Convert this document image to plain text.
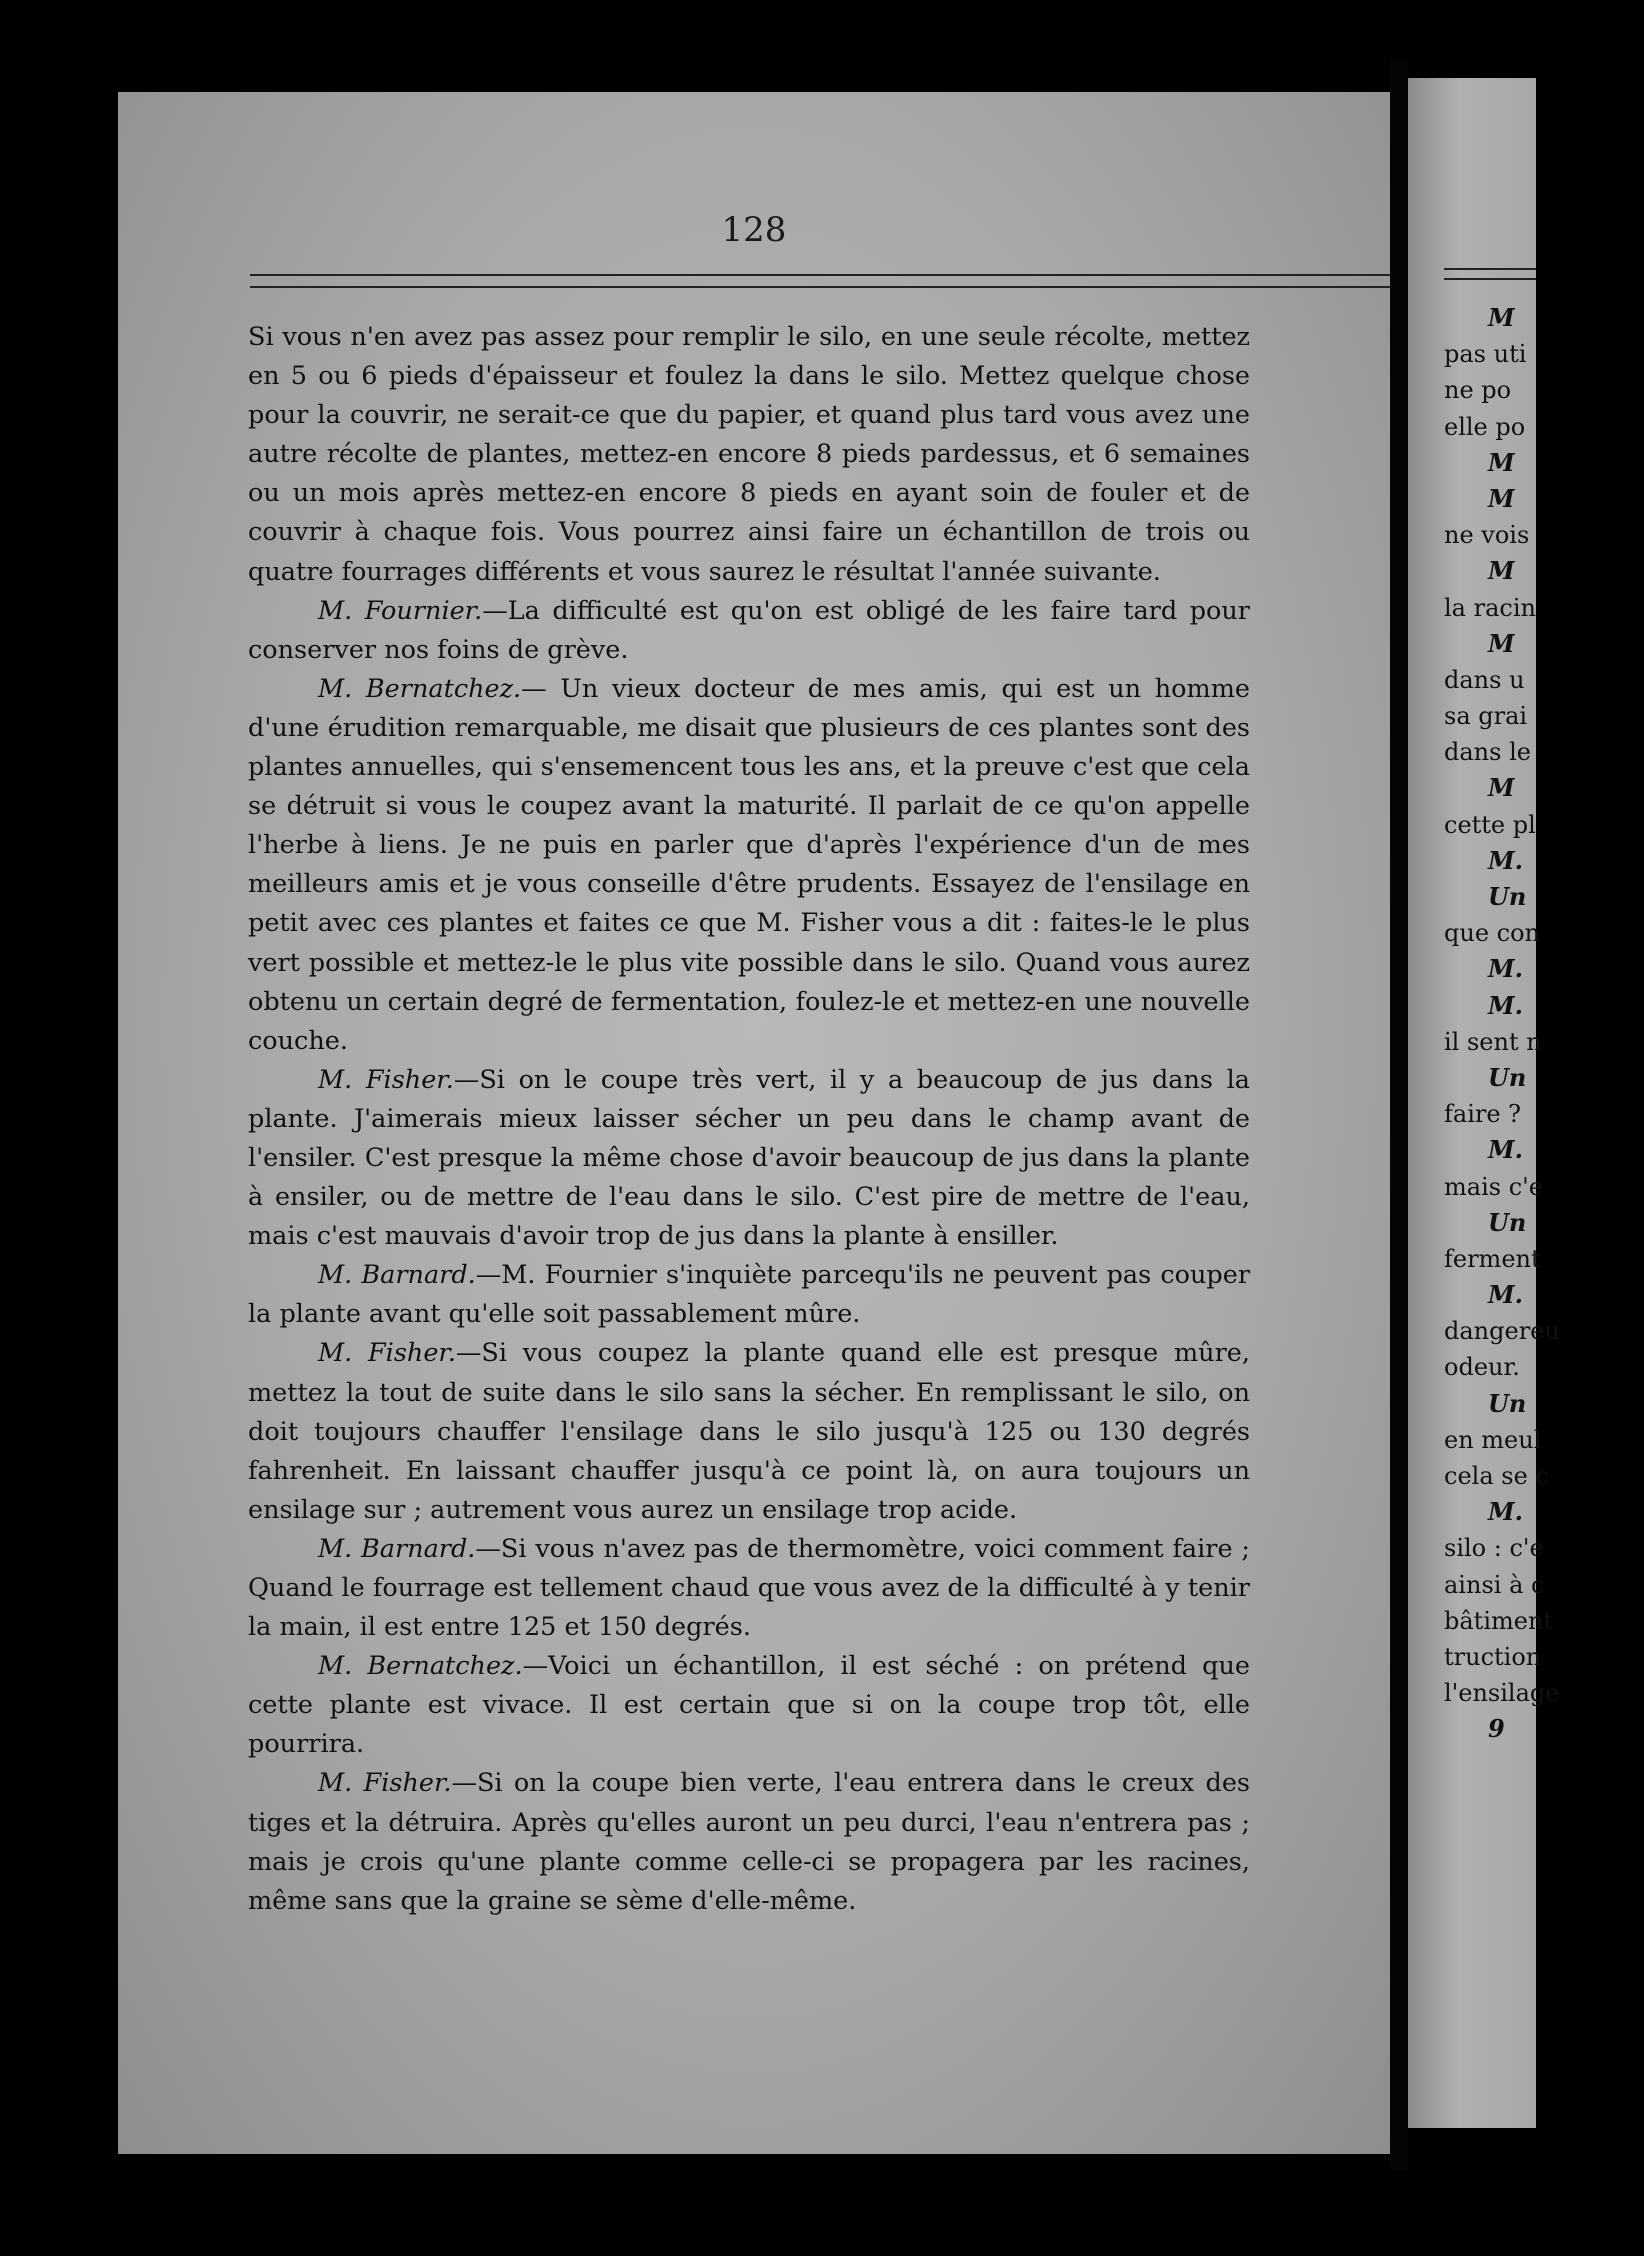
128

Si vous n'en avez pas assez pour remplir le silo, en une seule récolte, mettez en 5 ou 6 pieds d'épaisseur et foulez la dans le silo. Mettez quelque chose pour la couvrir, ne serait-ce que du papier, et quand plus tard vous avez une autre récolte de plantes, mettez-en encore 8 pieds pardessus, et 6 semaines ou un mois après mettez-en encore 8 pieds en ayant soin de fouler et de couvrir à chaque fois. Vous pourrez ainsi faire un échantillon de trois ou quatre fourrages différents et vous saurez le résultat l'année suivante.

M. Fournier.—La difficulté est qu'on est obligé de les faire tard pour conserver nos foins de grève.

M. Bernatchez.— Un vieux docteur de mes amis, qui est un homme d'une érudition remarquable, me disait que plusieurs de ces plantes sont des plantes annuelles, qui s'ensemencent tous les ans, et la preuve c'est que cela se détruit si vous le coupez avant la maturité. Il parlait de ce qu'on appelle l'herbe à liens. Je ne puis en parler que d'après l'expérience d'un de mes meilleurs amis et je vous conseille d'être prudents. Essayez de l'ensilage en petit avec ces plantes et faites ce que M. Fisher vous a dit : faites-le le plus vert possible et mettez-le le plus vite possible dans le silo. Quand vous aurez obtenu un certain degré de fermentation, foulez-le et mettez-en une nouvelle couche.

M. Fisher.—Si on le coupe très vert, il y a beaucoup de jus dans la plante. J'aimerais mieux laisser sécher un peu dans le champ avant de l'ensiler. C'est presque la même chose d'avoir beaucoup de jus dans la plante à ensiler, ou de mettre de l'eau dans le silo. C'est pire de mettre de l'eau, mais c'est mauvais d'avoir trop de jus dans la plante à ensiller.

M. Barnard.—M. Fournier s'inquiète parcequ'ils ne peuvent pas couper la plante avant qu'elle soit passablement mûre.

M. Fisher.—Si vous coupez la plante quand elle est presque mûre, mettez la tout de suite dans le silo sans la sécher. En remplissant le silo, on doit toujours chauffer l'ensilage dans le silo jusqu'à 125 ou 130 degrés fahrenheit. En laissant chauffer jusqu'à ce point là, on aura toujours un ensilage sur ; autrement vous aurez un ensilage trop acide.

M. Barnard.—Si vous n'avez pas de thermomètre, voici comment faire ; Quand le fourrage est tellement chaud que vous avez de la difficulté à y tenir la main, il est entre 125 et 150 degrés.

M. Bernatchez.—Voici un échantillon, il est séché : on prétend que cette plante est vivace. Il est certain que si on la coupe trop tôt, elle pourrira.

M. Fisher.—Si on la coupe bien verte, l'eau entrera dans le creux des tiges et la détruira. Après qu'elles auront un peu durci, l'eau n'entrera pas ; mais je crois qu'une plante comme celle-ci se propagera par les racines, même sans que la graine se sème d'elle-même.

M
pas uti
ne po
elle po
M
M
ne vois
M
la racin
M
dans u
sa grai
dans le
M
cette pl
M.
Un
que con
M.
M.
il sent n
Un
faire ?
M.
mais c'e
Un
ferment
M.
dangereu
odeur.
Un
en meul
cela se c
M.
silo : c'e
ainsi à c
bâtiment
truction
l'ensilage
9
